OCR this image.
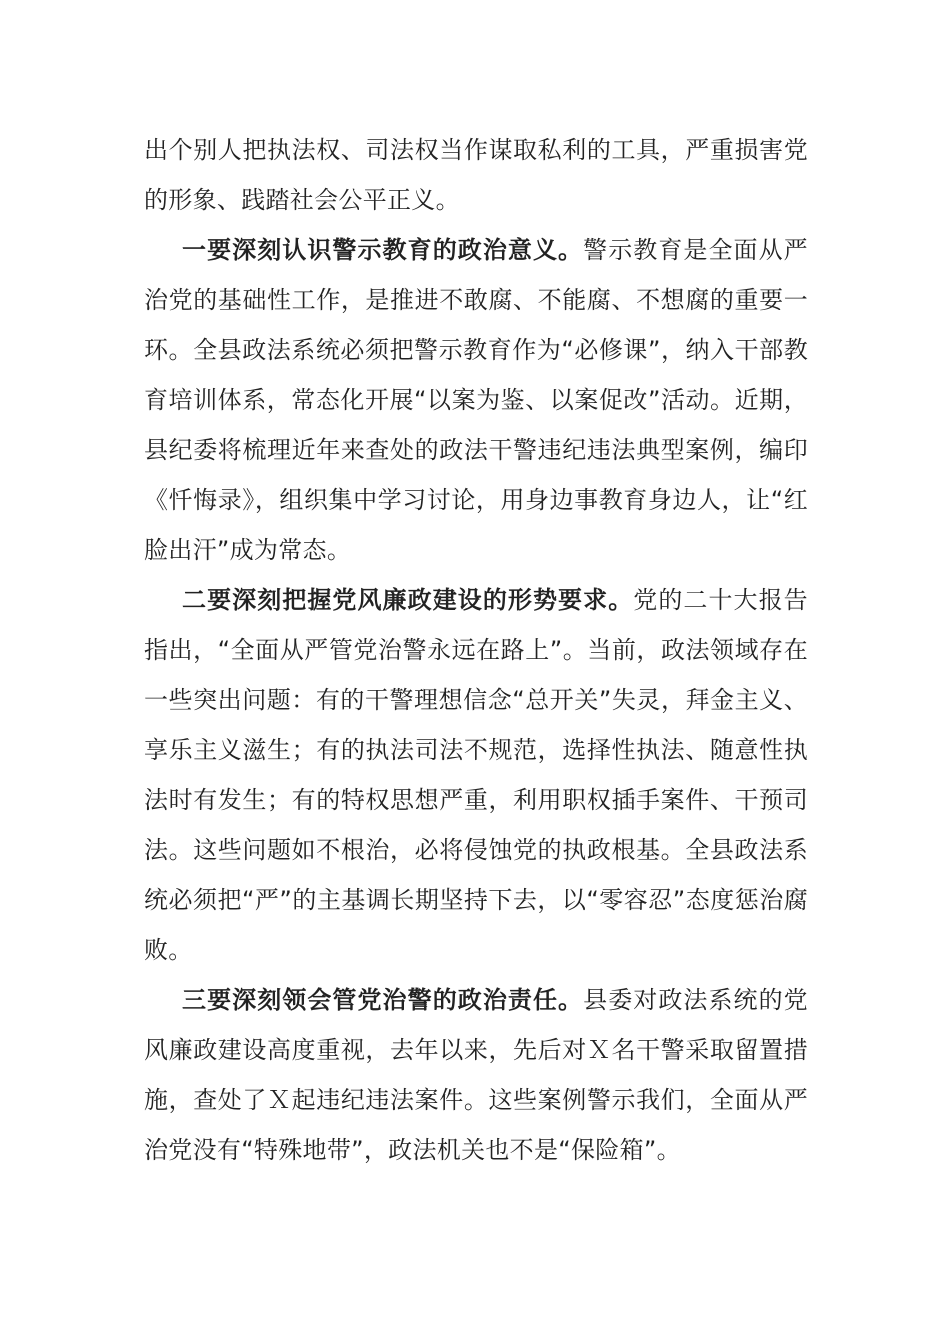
出个别人把执法权、司法权当作谋取私利的工具，严重损害党的形象、践踏社会公平正义。

一要深刻认识警示教育的政治意义。警示教育是全面从严治党的基础性工作，是推进不敢腐、不能腐、不想腐的重要一环。全县政法系统必须把警示教育作为“必修课”，纳入干部教育培训体系，常态化开展“以案为鉴、以案促改”活动。近期，县纪委将梳理近年来查处的政法干警违纪违法典型案例，编印《忏悔录》，组织集中学习讨论，用身边事教育身边人，让“红脸出汗”成为常态。

二要深刻把握党风廉政建设的形势要求。党的二十大报告指出，“全面从严管党治警永远在路上”。当前，政法领域存在一些突出问题：有的干警理想信念“总开关”失灵，拜金主义、享乐主义滋生；有的执法司法不规范，选择性执法、随意性执法时有发生；有的特权思想严重，利用职权插手案件、干预司法。这些问题如不根治，必将侵蚀党的执政根基。全县政法系统必须把“严”的主基调长期坚持下去，以“零容忍”态度惩治腐败。

三要深刻领会管党治警的政治责任。县委对政法系统的党风廉政建设高度重视，去年以来，先后对Ｘ名干警采取留置措施，查处了Ｘ起违纪违法案件。这些案例警示我们，全面从严治党没有“特殊地带”，政法机关也不是“保险箱”。
